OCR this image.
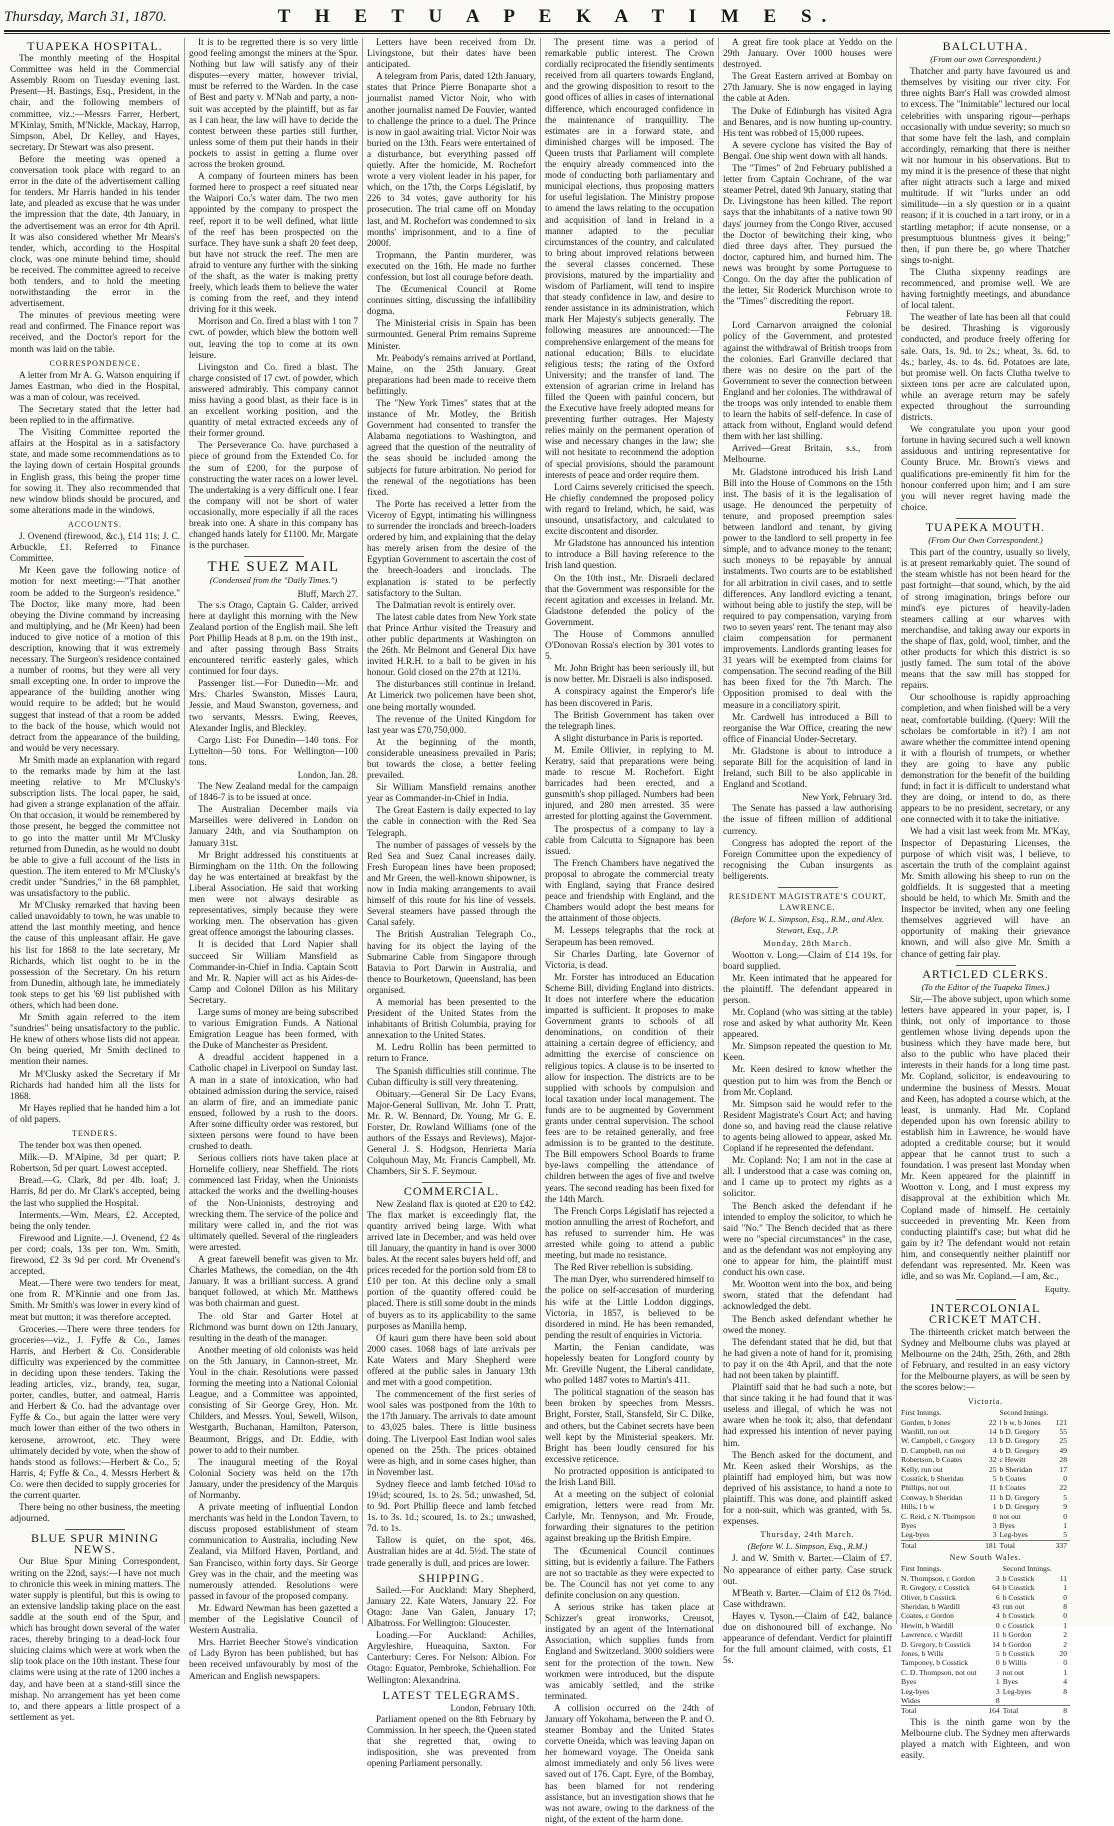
Thursday, March 31, 1870.	T H E T U A P E K A T I M E S.
TUAPEKA HOSPITAL.

The monthly meeting of the Hospital Committee was held in the Commercial Assembly Room on Tuesday evening last. Present—H. Bastings, Esq., President, in the chair, and the following members of committee, viz.:—Messrs Farrer, Herbert, M'Kinlay, Smith, M'Nickle, Mackay, Harrop, Simpson, Abel, Dr Kelley, and Hayes, secretary. Dr Stewart was also present.

Before the meeting was opened a conversation took place with regard to an error in the date of the advertisement calling for tenders. Mr Harris handed in his tender late, and pleaded as excuse that he was under the impression that the date, 4th January, in the advertisement was an error for 4th April. It was also considered whether Mr Mears's tender, which, according to the Hospital clock, was one minute behind time, should be received. The committee agreed to receive both tenders, and to hold the meeting notwithstanding the error in the advertisement.

The minutes of previous meeting were read and confirmed. The Finance report was received, and the Doctor's report for the month was laid on the table.

CORRESPONDENCE.

A letter from Mr A. G. Watson enquiring if James Eastman, who died in the Hospital, was a man of colour, was received.

The Secretary stated that the letter had been replied to in the affirmative.

The Visiting Committee reported the affairs at the Hospital as in a satisfactory state, and made some recommendations as to the laying down of certain Hospital grounds in English grass, this being the proper time for sowing it. They also recommended that new window blinds should be procured, and some alterations made in the windows.

ACCOUNTS.

J. Ovenend (firewood, &c.), £14 11s; J. C. Arbuckle, £1. Referred to Finance Committee.

Mr Keen gave the following notice of motion for next meeting:—"That another room be added to the Surgeon's residence." The Doctor, like many more, had been obeying the Divine command by increasing and multiplying, and he (Mr Keen) had been induced to give notice of a motion of this description, knowing that it was extremely necessary. The Surgeon's residence contained a number of rooms, but they were all very small excepting one. In order to improve the appearance of the building another wing would require to be added; but he would suggest that instead of that a room be added to the back of the house, which would not detract from the appearance of the building, and would be very necessary.

Mr Smith made an explanation with regard to the remarks made by him at the last meeting relative to Mr M'Clusky's subscription lists. The local paper, he said, had given a strange explanation of the affair. On that occasion, it would be remembered by those present, he begged the committee not to go into the matter until Mr M'Clusky returned from Dunedin, as he would no doubt be able to give a full account of the lists in question. The item entered to Mr M'Clusky's credit under "Sundries," in the 68 pamphlet, was unsatisfactory to the public.

Mr M'Clusky remarked that having been called unavoidably to town, he was unable to attend the last monthly meeting, and hence the cause of this unpleasant affair. He gave his list for 1868 to the late secretary, Mr Richards, which list ought to be in the possession of the Secretary. On his return from Dunedin, although late, he immediately took steps to get his '69 list published with others, which had been done.

Mr Smith again referred to the item "sundries" being unsatisfactory to the public. He knew of others whose lists did not appear. On being queried, Mr Smith declined to mention their names.

Mr M'Clusky asked the Secretary if Mr Richards had handed him all the lists for 1868.

Mr Hayes replied that he handed him a lot of old papers.

TENDERS.

The tender box was then opened.

Milk.—D. M'Alpine, 3d per quart; P. Robertson, 5d per quart. Lowest accepted.

Bread.—G. Clark, 8d per 4lb. loaf; J. Harris, 8d per do. Mr Clark's accepted, being the last who supplied the Hospital.

Interments.—Wm. Mears, £2. Accepted, being the only tender.

Firewood and Lignite.—J. Ovenend, £2 4s per cord; coals, 13s per ton. Wm. Smith, firewood, £2 3s 9d per cord. Mr Ovenend's accepted.

Meat.—There were two tenders for meat, one from R. M'Kinnie and one from Jas. Smith. Mr Smith's was lower in every kind of meat but mutton; it was therefore accepted.

Groceries.—There were three tenders for groceries—viz., J. Fyffe & Co., James Harris, and Herbert & Co. Considerable difficulty was experienced by the committee in deciding upon these tenders. Taking the leading articles, viz., brandy, tea, sugar, porter, candles, butter, and oatmeal, Harris and Herbert & Co. had the advantage over Fyffe & Co., but again the latter were very much lower than either of the two others in kerosene, arrowroot, etc. They were ultimately decided by vote, when the show of hands stood as follows:—Herbert & Co., 5; Harris, 4; Fyffe & Co., 4. Messrs Herbert & Co. were then decided to supply groceries for the current quarter.

There being no other business, the meeting adjourned.

BLUE SPUR MINING NEWS.

Our Blue Spur Mining Correspondent, writing on the 22nd, says:—I have not much to chronicle this week in mining matters. The water supply is plentiful, but this is owing to an extensive landslip taking place on the east saddle at the south end of the Spur, and which has brought down several of the water races, thereby bringing to a dead-lock four sluicing claims which were at work when the slip took place on the 10th instant. These four claims were using at the rate of 1200 inches a day, and have been at a stand-still since the mishap. No arrangement has yet been come to, and there appears a little prospect of a settlement as yet.

It is to be regretted there is so very little good feeling amongst the miners at the Spur. Nothing but law will satisfy any of their disputes—every matter, however trivial, must be referred to the Warden. In the case of Best and party v. M'Nab and party, a non-suit was accepted by the plaintiff, but as far as I can hear, the law will have to decide the contest between these parties still further, unless some of them put their hands in their pockets to assist in getting a flume over across the broken ground.

A company of fourteen miners has been formed here to prospect a reef situated near the Waipori Co.'s water dam. The two men appointed by the company to prospect the reef, report it to be well defined, what little of the reef has been prospected on the surface. They have sunk a shaft 20 feet deep, but have not struck the reef. The men are afraid to venture any further with the sinking of the shaft, as the water is making pretty freely, which leads them to believe the water is coming from the reef, and they intend driving for it this week.

Morrison and Co. fired a blast with 1 ton 7 cwt. of powder, which blew the bottom well out, leaving the top to come at its own leisure.

Livingston and Co. fired a blast. The charge consisted of 17 cwt. of powder, which answered admirably. This company cannot miss having a good blast, as their face is in an excellent working position, and the quantity of metal extracted exceeds any of their former ground.

The Perseverance Co. have purchased a piece of ground from the Extended Co. for the sum of £200, for the purpose of constructing the water races on a lower level. The undertaking is a very difficult one. I fear the company will not be short of water occasionally, more especially if all the races break into one. A share in this company has changed hands lately for £1100. Mr. Margate is the purchaser.

THE SUEZ MAIL
(Condensed from the "Daily Times.")
Bluff, March 27.

The s.s Otago, Captain G. Calder, arrived here at daylight this morning with the New Zealand portion of the English mail. She left Port Phillip Heads at 8 p.m. on the 19th inst., and after passing through Bass Straits encountered terrific easterly gales, which continued for four days.

Passenger list.—For Dunedin—Mr. and Mrs. Charles Swanston, Misses Laura, Jessie, and Maud Swanston, governess, and two servants, Messrs. Ewing, Reeves, Alexander Inglis, and Bleckley.

Cargo List: For Dunedin—140 tons. For Lyttelton—50 tons. For Wellington—100 tons.

London, Jan. 28.

The New Zealand medal for the campaign of 1846-7 is to be issued at once.

The Australian December mails via Marseilles were delivered in London on January 24th, and via Southampton on January 31st.

Mr Bright addressed his constituents at Birmingham on the 11th. On the following day he was entertained at breakfast by the Liberal Association. He said that working men were not always desirable as representatives, simply because they were working men. The observation has given great offence amongst the labouring classes.

It is decided that Lord Napier shall succeed Sir William Mansfield as Commander-in-Chief in India. Captain Scott and Mr. R. Napier will act as his Aides-de-Camp and Colonel Dillon as his Military Secretary.

Large sums of money are being subscribed to various Emigration Funds. A National Emigration League has been formed, with the Duke of Manchester as President.

A dreadful accident happened in a Catholic chapel in Liverpool on Sunday last. A man in a state of intoxication, who had obtained admission during the service, raised an alarm of fire, and an immediate panic ensued, followed by a rush to the doors. After some difficulty order was restored, but sixteen persons were found to have been crushed to death.

Serious colliers riots have taken place at Hornelife colliery, near Sheffield. The riots commenced last Friday, when the Unionists attacked the works and the dwelling-houses of the Non-Unionists, destroying and wrecking them. The service of the police and military were called in, and the riot was ultimately quelled. Several of the ringleaders were arrested.

A great farewell benefit was given to Mr. Charles Mathews, the comedian, on the 4th January. It was a brilliant success. A grand banquet followed, at which Mr. Matthews was both chairman and guest.

The old Star and Garter Hotel at Richmond was burnt down on 12th January, resulting in the death of the manager.

Another meeting of old colonists was held on the 5th January, in Cannon-street, Mr. Youl in the chair. Resolutions were passed forming the meeting into a National Colonial League, and a Committee was appointed, consisting of Sir George Grey, Hon. Mr. Childers, and Messrs. Youl, Sewell, Wilson, Westgarth, Buchanan, Hamilton, Paterson, Beaumont, Briggs, and Dr. Eddie, with power to add to their number.

The inaugural meeting of the Royal Colonial Society was held on the 17th January, under the presidency of the Marquis of Normanby.

A private meeting of influential London merchants was held in the London Tavern, to discuss proposed establishment of steam communication to Australia, including New Zealand, via Milford Haven, Portland, and San Francisco, within forty days. Sir George Grey was in the chair, and the meeting was numerously attended. Resolutions were passed in favour of the proposed company.

Mr. Edward Newman has been gazetted a member of the Legislative Council of Western Australia.

Mrs. Harriet Beecher Stowe's vindication of Lady Byron has been published, but has been received unfavourably by most of the American and English newspapers.

Letters have been received from Dr. Livingstone, but their dates have been anticipated.

A telegram from Paris, dated 12th January, states that Prince Pierre Bonaparte shot a journalist named Victor Noir, who with another journalist named De Fouvier, wanted to challenge the prince to a duel. The Prince is now in gaol awaiting trial. Victor Noir was buried on the 13th. Fears were entertained of a disturbance, but everything passed off quietly. After the homicide, M. Rochefort wrote a very violent leader in his paper, for which, on the 17th, the Corps Législatif, by 226 to 34 votes, gave authority for his prosecution. The trial came off on Monday last, and M. Rochefort was condemned to six months' imprisonment, and to a fine of 2000f.

Tropmann, the Pantin murderer, was executed on the 16th. He made no further confession, but lost all courage before death.

The Œcumenical Council at Rome continues sitting, discussing the infallibility dogma.

The Ministerial crisis in Spain has been surmounted. General Prim remains Supreme Minister.

Mr. Peabody's remains arrived at Portland, Maine, on the 25th January. Great preparations had been made to receive them befittingly.

The "New York Times" states that at the instance of Mr. Motley, the British Government had consented to transfer the Alabama negotiations to Washington, and agreed that the question of the neutrality of the seas should be included among the subjects for future arbitration. No period for the renewal of the negotiations has been fixed.

The Porte has received a letter from the Viceroy of Egypt, intimating his willingness to surrender the ironclads and breech-loaders ordered by him, and explaining that the delay has merely arisen from the desire of the Egyptian Government to ascertain the cost of the breech-loaders and ironclads. The explanation is stated to be perfectly satisfactory to the Sultan.

The Dalmatian revolt is entirely over.

The latest cable dates from New York state that Prince Arthur visited the Treasury and other public departments at Washington on the 26th. Mr Belmont and General Dix have invited H.R.H. to a ball to be given in his honour. Gold closed on the 27th at 121¾.

The disturbances still continue in Ireland. At Limerick two policemen have been shot, one being mortally wounded.

The revenue of the United Kingdom for last year was £70,750,000.

At the beginning of the month, considerable uneasiness prevailed in Paris; but towards the close, a better feeling prevailed.

Sir William Mansfield remains another year as Commander-in-Chief in India.

The Great Eastern is daily expected to lay the cable in connection with the Red Sea Telegraph.

The number of passages of vessels by the Red Sea and Suez Canal increases daily. Fresh European lines have been proposed; and Mr Green, the well-known shipowner, is now in India making arrangements to avail himself of this route for his line of vessels. Several steamers have passed through the Canal safely.

The British Australian Telegraph Co., having for its object the laying of the Submarine Cable from Singapore through Batavia to Port Darwin in Australia, and thence to Bourketown, Queensland, has been organised.

A memorial has been presented to the President of the United States from the inhabitants of British Columbia, praying for annexation to the United States.

M. Ledru Rollin has been permitted to return to France.

The Spanish difficulties still continue. The Cuban difficulty is still very threatening.

Obituary.—General Sir De Lacy Evans, Major-General Sullivan, Mr. John T. Pratt, Mr. R. W. Bennard, Dr. Young, Mr G. E. Forster, Dr. Rowland Williams (one of the authors of the Essays and Reviews), Major-General J. S. Hodgson, Henrietta Maria Colquhoun May, Mr. Francis Campbell, Mr. Chambers, Sir S. F. Seymour.

COMMERCIAL.

New Zealand flax is quoted at £20 to £42. The flax market is exceedingly flat, the quantity arrived being large. With what arrived late in December, and was held over till January, the quantity in hand is over 3000 bales. At the recent sales buyers held off, and prices receded for the portion sold from £8 to £10 per ton. At this decline only a small portion of the quantity offered could be placed. There is still some doubt in the minds of buyers as to its applicability to the same purposes as Manilla hemp.

Of kauri gum there have been sold about 2000 cases. 1068 bags of late arrivals per Kate Waters and Mary Shepherd were offered at the public sales in January 13th and met with a good competition.

The commencement of the first series of wool sales was postponed from the 10th to the 17th January. The arrivals to date amount to 43,025 bales. There is little business doing. The Liverpool East Indian wool sales opened on the 25th. The prices obtained were as high, and in some cases higher, than in November last.

Sydney fleece and lamb fetched 10¼d to 19¼d; scoured, 1s. to 2s. 5d.; unwashed, 5d. to 9d. Port Phillip fleece and lamb fetched 1s. to 3s. 1d.; scoured, 1s. to 2s.; unwashed, 7d. to 1s.

Tallow is quiet, on the spot, 46s. Australian hides are at 4d. 5½d. The state of trade generally is dull, and prices are lower.

SHIPPING.

Sailed.—For Auckland: Mary Shepherd, January 22. Kate Waters, January 22. For Otago: Jane Van Galen, January 17; Albatross. For Wellington: Gloucester.

Loading.—For Auckland: Achilles, Argyleshire, Hueaquina, Saxton. For Canterbury: Ceres. For Nelson: Albion. For Otago: Equator, Pembroke, Schiehallion. For Wellington: Alexandrina.

LATEST TELEGRAMS.
London, February 10th.

Parliament opened on the 8th February by Commission. In her speech, the Queen stated that she regretted that, owing to indisposition, she was prevented from opening Parliament personally.

The present time was a period of remarkable public interest. The Crown cordially reciprocated the friendly sentiments received from all quarters towards England, and the growing disposition to resort to the good offices of allies in cases of international difference, which encouraged confidence in the maintenance of tranquillity. The estimates are in a forward state, and diminished charges will be imposed. The Queen trusts that Parliament will complete the enquiry already commenced into the mode of conducting both parliamentary and municipal elections, thus proposing matters for useful legislation. The Ministry propose to amend the laws relating to the occupation and acquisition of land in Ireland in a manner adapted to the peculiar circumstances of the country, and calculated to bring about improved relations between the several classes concerned. These provisions, matured by the impartiality and wisdom of Parliament, will tend to inspire that steady confidence in law, and desire to render assistance in its administration, which mark Her Majesty's subjects generally. The following measures are announced:—The comprehensive enlargement of the means for national education; Bills to elucidate religious tests; the rating of the Oxford University; and the transfer of land. The extension of agrarian crime in Ireland has filled the Queen with painful concern, but the Executive have freely adopted means for preventing further outrages. Her Majesty relies mainly on the permanent operation of wise and necessary changes in the law; she will not hesitate to recommend the adoption of special provisions, should the paramount interests of peace and order require them.

Lord Cairns severely criticised the speech. He chiefly condemned the proposed policy with regard to Ireland, which, he said, was unsound, unsatisfactory, and calculated to excite discontent and disorder.

Mr Gladstone has announced his intention to introduce a Bill having reference to the Irish land question.

On the 10th inst., Mr. Disraeli declared that the Government was responsible for the recent agitation and excesses in Ireland. Mr. Gladstone defended the policy of the Government.

The House of Commons annulled O'Donovan Rossa's election by 301 votes to 5.

Mr. John Bright has been seriously ill, but is now better. Mr. Disraeli is also indisposed.

A conspiracy against the Emperor's life has been discovered in Paris.

The British Government has taken over the telegraph lines.

A slight disturbance in Paris is reported.

M. Emile Ollivier, in replying to M. Keratry, said that preparations were being made to rescue M. Rochefort. Eight barricades had been erected, and a gunsmith's shop pillaged. Numbers had been injured, and 280 men arrested. 35 were arrested for plotting against the Government.

The prospectus of a company to lay a cable from Calcutta to Signapore has been issued.

The French Chambers have negatived the proposal to abrogate the commercial treaty with England, saying that France desired peace and friendship with England, and the Chambers would adopt the best means for the attainment of those objects.

M. Lesseps telegraphs that the rock at Serapeum has been removed.

Sir Charles Darling, late Governor of Victoria, is dead.

Mr. Forster has introduced an Education Scheme Bill, dividing England into districts. It does not interfere where the education imparted is sufficient. It proposes to make Government grants to schools of all denominations, on condition of their attaining a certain degree of efficiency, and admitting the exercise of conscience on religious topics. A clause is to be inserted to allow for inspection. The districts are to be supplied with schools by compulsion and local taxation under local management. The funds are to be augmented by Government grants under central supervision. The school fees are to be retained generally, and free admission is to be granted to the destitute. The Bill empowers School Boards to frame bye-laws compelling the attendance of children between the ages of five and twelve years. The second reading has been fixed for the 14th March.

The French Corps Législatif has rejected a motion annulling the arrest of Rochefort, and has refused to surrender him. He was arrested while going to attend a public meeting, but made no resistance.

The Red River rebellion is subsiding.

The man Dyer, who surrendered himself to the police on self-accusation of murdering his wife at the Little Loddon diggings, Victoria, in 1857, is believed to be disordered in mind. He has been remanded, pending the result of enquiries in Victoria.

Martin, the Fenian candidate, was hopelessly beaten for Longford county by Mr. Greville Nugent, the Liberal candidate, who polled 1487 votes to Martin's 411.

The political stagnation of the season has been broken by speeches from Messrs. Bright, Forster, Stall, Stansfeld, Sir C. Dilke, and others, but the Cabinet secrets have been well kept by the Ministerial speakers. Mr. Bright has been loudly censured for his excessive reticence.

No protracted opposition is anticipated to the Irish Land Bill.

At a meeting on the subject of colonial emigration, letters were read from Mr. Carlyle, Mr. Tennyson, and Mr. Froude, forwarding their signatures to the petition against breaking up the British Empire.

The Œcumenical Council continues sitting, but is evidently a failure. The Fathers are not so tractable as they were expected to be. The Council has not yet come to any definite conclusion on any question.

A serious strike has taken place at Schizzer's great ironworks, Creusot, instigated by an agent of the International Association, which supplies funds from England and Switzerland. 3000 soldiers were sent for the protection of the town. New workmen were introduced, but the dispute was amicably settled, and the strike terminated.

A collision occurred on the 24th of January off Yokohama, between the P. and O. steamer Bombay and the United States corvette Oneida, which was leaving Japan on her homeward voyage. The Oneida sank almost immediately and only 56 lives were saved out of 176. Capt. Eyre, of the Bombay, has been blamed for not rendering assistance, but an investigation shows that he was not aware, owing to the darkness of the night, of the extent of the harm done.

A great fire took place at Yeddo on the 29th January. Over 1000 houses were destroyed.

The Great Eastern arrived at Bombay on 27th January. She is now engaged in laying the cable at Aden.

The Duke of Edinburgh has visited Agra and Benares, and is now hunting up-country. His tent was robbed of 15,000 rupees.

A severe cyclone has visited the Bay of Bengal. One ship went down with all hands.

The "Times" of 2nd February published a letter from Captain Cochrane, of the war steamer Petrel, dated 9th January, stating that Dr. Livingstone has been killed. The report says that the inhabitants of a native town 90 days' journey from the Congo River, accused the Doctor of bewitching their king, who died three days after. They pursued the doctor, captured him, and burned him. The news was brought by some Portuguese to Congo. On the day after the publication of the letter, Sir Roderick Murchison wrote to the "Times" discrediting the report.

February 18.

Lord Carnarvon arraigned the colonial policy of the Government, and protested against the withdrawal of British troops from the colonies. Earl Granville declared that there was no desire on the part of the Government to sever the connection between England and her colonies. The withdrawal of the troops was only intended to enable them to learn the habits of self-defence. In case of attack from without, England would defend them with her last shilling.

Arrived—Great Britain, s.s., from Melbourne.

Mr. Gladstone introduced his Irish Land Bill into the House of Commons on the 15th inst. The basis of it is the legalisation of usage. He denounced the perpetuity of tenure, and proposed preemption sales between landlord and tenant, by giving power to the landlord to sell property in fee simple, and to advance money to the tenant; such moneys to be repayable by annual instalments. Two courts are to be established for all arbitration in civil cases, and to settle differences. Any landlord evicting a tenant, without being able to justify the step, will be required to pay compensation, varying from two to seven years' rent. The tenant may also claim compensation for permanent improvements. Landlords granting leases for 31 years will be exempted from claims for compensation. The second reading of the Bill has been fixed for the 7th March. The Opposition promised to deal with the measure in a conciliatory spirit.

Mr. Cardwell has introduced a Bill to reorganise the War Office, creating the new office of Financial Under-Secretary.

Mr. Gladstone is about to introduce a separate Bill for the acquisition of land in Ireland, such Bill to be also applicable in England and Scotland.

New York, February 3rd.

The Senate has passed a law authorising the issue of fifteen million of additional currency.

Congress has adopted the report of the Foreign Committee upon the expediency of recognising the Cuban insurgents as belligerents.

RESIDENT MAGISTRATE'S COURT, LAWRENCE.
(Before W. L. Simpson, Esq., R.M., and Alex. Stewart, Esq., J.P.
Monday, 28th March.

Wootton v. Long.—Claim of £14 19s. for board supplied.

Mr. Keen intimated that he appeared for the plaintiff. The defendant appeared in person.

Mr. Copland (who was sitting at the table) rose and asked by what authority Mr. Keen appeared.

Mr. Simpson repeated the question to Mr. Keen.

Mr. Keen desired to know whether the question put to him was from the Bench or from Mr. Copland.

Mr. Simpson said he would refer to the Resident Magistrate's Court Act; and having done so, and having read the clause relative to agents being allowed to appear, asked Mr. Copland if he represented the defendant.

Mr. Copland: No; I am not in the case at all. I understood that a case was coming on, and I came up to protect my rights as a solicitor.

The Bench asked the defendant if he intended to employ the solicitor, to which he said "No." The Bench decided that as there were no "special circumstances" in the case, and as the defendant was not employing any one to appear for him, the plaintiff must conduct his own case.

Mr. Wootton went into the box, and being sworn, stated that the defendant had acknowledged the debt.

The Bench asked defendant whether he owed the money.

The defendant stated that he did, but that he had given a note of hand for it, promising to pay it on the 4th April, and that the note had not been taken by plaintiff.

Plaintiff said that he had such a note, but that since taking it he had found that it was useless and illegal, of which he was not aware when he took it; also, that defendant had expressed his intention of never paying him.

The Bench asked for the document, and Mr. Keen asked their Worships, as the plaintiff had employed him, but was now deprived of his assistance, to hand a note to plaintiff. This was done, and plaintiff asked for a non-suit, which was granted, with 5s. expenses.

Thursday, 24th March.
(Before W. L. Simpson, Esq., R.M.)

J. and W. Smith v. Barter.—Claim of £7. No appearance of either party. Case struck out.

M'Beath v. Barter.—Claim of £12 0s 7½d. Case withdrawn.

Hayes v. Tyson.—Claim of £42, balance due on dishonoured bill of exchange. No appearance of defendant. Verdict for plaintiff for the full amount claimed, with costs, £1 5s.

BALCLUTHA.
(From our own Correspondent.)

Thatcher and party have favoured us and themselves by visiting our river city. For three nights Barr's Hall was crowded almost to excess. The "Inimitable" lectured our local celebrities with unsparing rigour—perhaps occasionally with undue severity; so much so that some have felt the lash, and complain accordingly, remarking that there is neither wit nor humour in his observations. But to my mind it is the presence of these that night after night attracts such a large and mixed multitude. If wit "lurks under an odd similitude—in a sly question or in a quaint reason; if it is couched in a tart irony, or in a startling metaphor; if acute nonsense, or a presumptuous bluntness gives it being;" then, if pun there be, go where Thatcher sings to-night.

The Clutha sixpenny readings are recommenced, and promise well. We are having fortnightly meetings, and abundance of local talent.

The weather of late has been all that could be desired. Thrashing is vigorously conducted, and produce freely offering for sale. Oats, 1s. 9d. to 2s.; wheat, 3s. 6d. to 4s.; barley, 4s. to 4s. 6d. Potatoes are late, but promise well. On facts Clutha twelve to sixteen tons per acre are calculated upon, while an average return may be safely expected throughout the surrounding districts.

We congratulate you upon your good fortune in having secured such a well known assiduous and untiring representative for County Bruce. Mr. Brown's views and qualifications pre-eminently fit him for the honour conferred upon him; and I am sure you will never regret having made the choice.

TUAPEKA MOUTH.
(From Our Own Correspondent.)

This part of the country, usually so lively, is at present remarkably quiet. The sound of the steam whistle has not been heard for the past fortnight—that sound, which, by the aid of strong imagination, brings before our mind's eye pictures of heavily-laden steamers calling at our wharves with merchandise, and taking away our exports in the shape of flax, gold, wool, timber, and the other products for which this district is so justly famed. The sum total of the above means that the saw mill has stopped for repairs.

Our schoolhouse is rapidly approaching completion, and when finished will be a very neat, comfortable building. (Query: Will the scholars be comfortable in it?) I am not aware whether the committee intend opening it with a flourish of trumpets, or whether they are going to have any public demonstration for the benefit of the building fund; in fact it is difficult to understand what they are doing, or intend to do, as there appears to be no president, secretary, or any one connected with it to take the initiative.

We had a visit last week from Mr. M'Kay, Inspector of Depasturing Licenses, the purpose of which visit was, I believe, to ascertain the truth of the complaint against Mr. Smith allowing his sheep to run on the goldfields. It is suggested that a meeting should be held, to which Mr. Smith and the Inspector be invited, when any one feeling themselves aggrieved will have an opportunity of making their grievance known, and will also give Mr. Smith a chance of getting fair play.

ARTICLED CLERKS.
(To the Editor of the Tuapeka Times.)

Sir,—The above subject, upon which some letters have appeared in your paper, is, I think, not only of importance to those gentlemen whose living depends upon the business which they have made here, but also to the public who have placed their interests in their hands for a long time past. Mr. Copland, solicitor, is endeavouring to undermine the business of Messrs. Mouat and Keen, has adopted a course which, at the least, is unmanly. Had Mr. Copland depended upon his own forensic ability to establish him in Lawrence, he would have adopted a creditable course; but it would appear that he cannot trust to such a foundation. I was present last Monday when Mr. Keen appeared for the plaintiff in Wootton v. Long, and I must express my disapproval at the exhibition which Mr. Copland made of himself. He certainly succeeded in preventing Mr. Keen from conducting plaintiff's case; but what did he gain by it? The defendant would not retain him, and consequently neither plaintiff nor defendant was represented. Mr. Keen was idle, and so was Mr. Copland.—I am, &c.,

Equity.
INTERCOLONIAL CRICKET MATCH.

The thirteenth cricket match between the Sydney and Melbourne clubs was played at Melbourne on the 24th, 25th, 26th, and 28th of February, and resulted in an easy victory for the Melbourne players, as will be seen by the scores below:—

Victoria.
First Innings.		Second Innings.	
Gorden, b Jones	22	l b w, b Jones	121
Wardill, run out	14	b D. Gregory	55
W. Campbell, c Gregory	13	b D. Gregory	25
D. Campbell, run out	4	b D. Gregory	49
Robertson, b Coates	32	c Hewitt	28
Kelly, run out	25	b Sheridan	17
Cosstick, b Sheridan	5	b Coates	0
Phillips, not out	11	b Coates	22
Conway, b Sheridan	11	b D. Gregory	5
Hills, l b w	1	b D. Gregory	9
C. Reid, c N. Thompson	0	not out	0
Byes	3	Byes	1
Leg-byes	3	Leg-byes	5
Total	181	Total	337
New South Wales.
First Innings.		Second Innings.	
N. Thompson, c Gordon	3	b Cosstick	11
R. Gregory, c Cosstick	64	b Cosstick	1
Oliver, b Cosstick	6	b Cosstick	0
Sheridan, b Wardill	43	run out	8
Coates, c Gordon	4	b Cosstick	0
Hewitt, b Wardill	0	c Cosstick	1
Lawrence, c Wardill	11	b Gordon	2
D. Gregory, b Cosstick	14	b Gordon	2
Jones, b Wills	5	b Cosstick	20
Tamponey, b Cosstick	0	b Willis	0
C. D. Thompson, not out	3	not out	1
Byes	1	Byes	4
Leg-byes	3	Leg-byes	8
Wides	8		
Total	164	Total	8

This is the ninth game won by the Melbourne club. The Sydney men afterwards played a match with Eighteen, and won easily.
